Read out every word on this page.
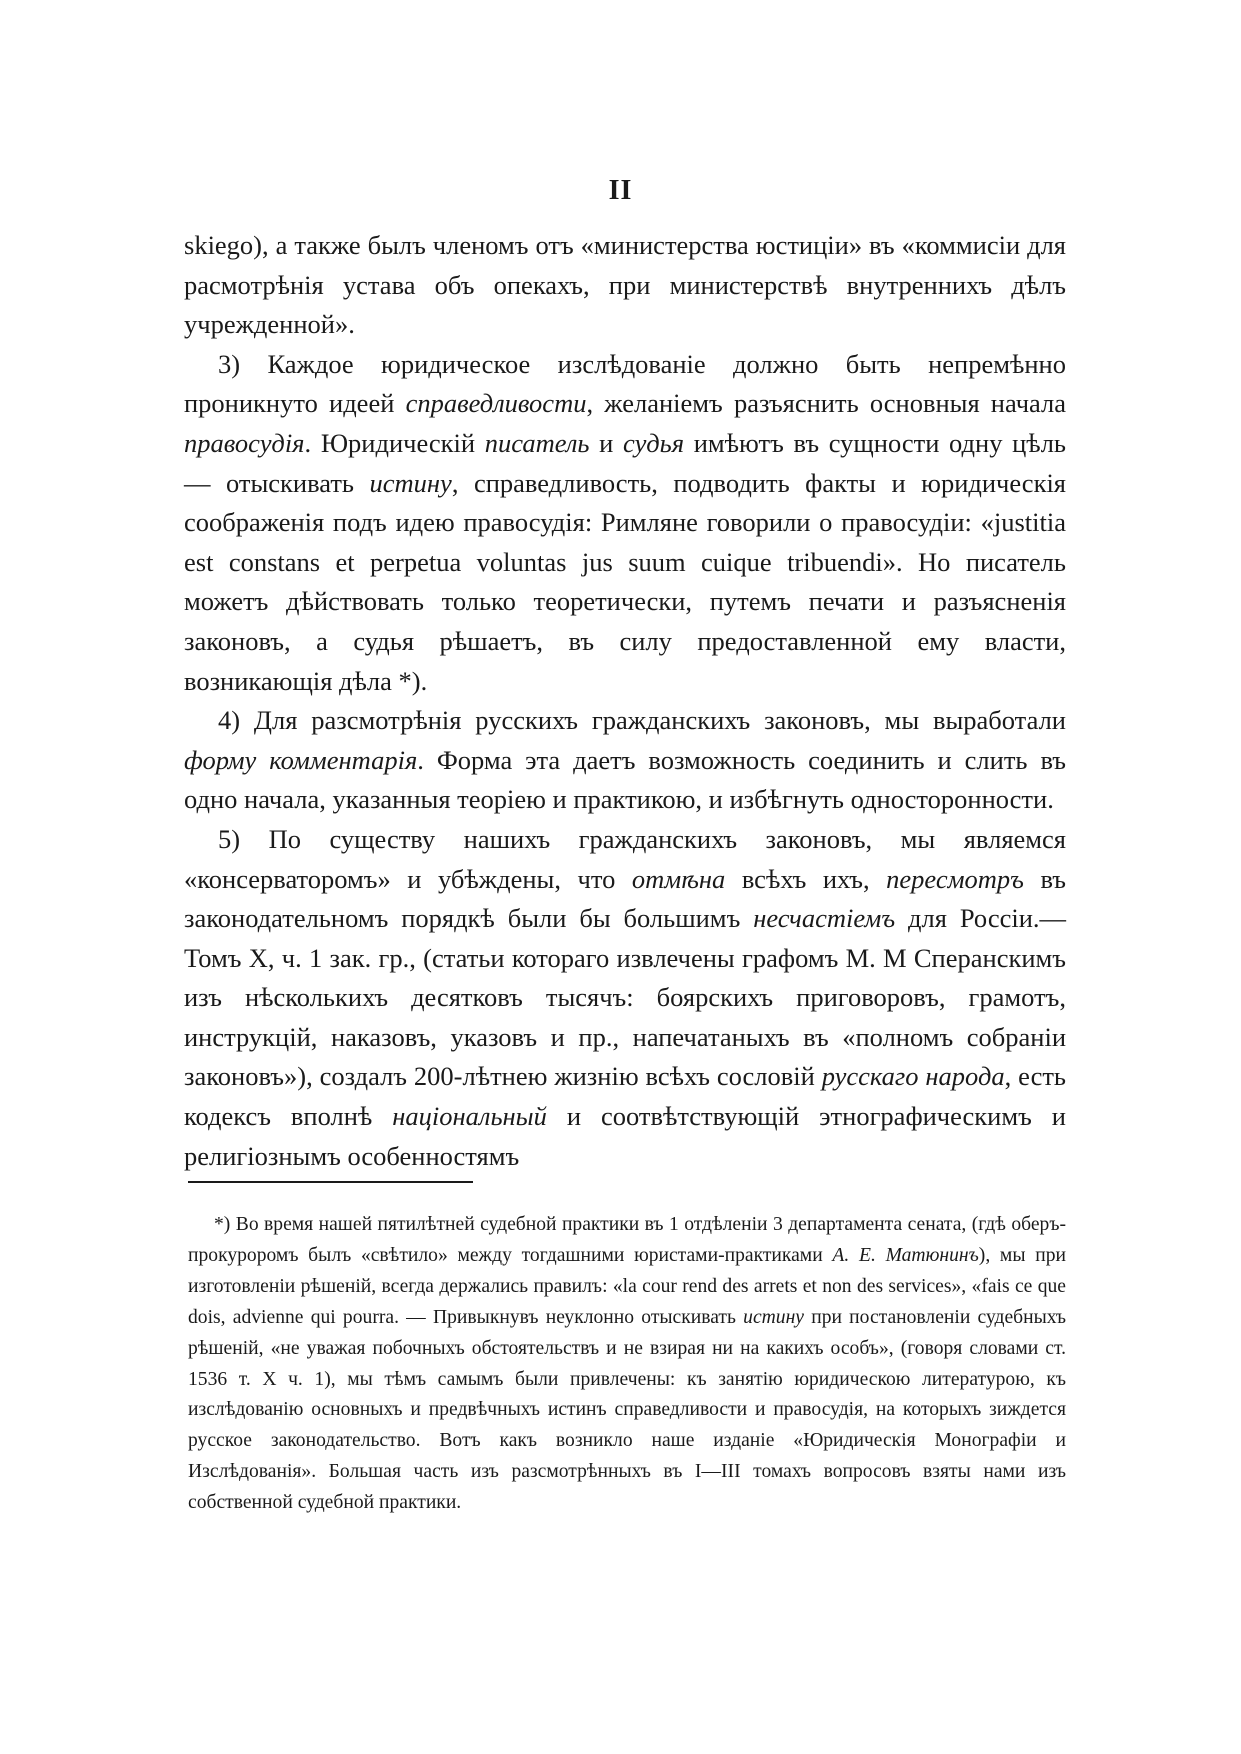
II

skiego), а также былъ членомъ отъ «министерства юстиціи» въ «коммисіи для расмотрѣнія устава объ опекахъ, при министерствѣ внутреннихъ дѣлъ учрежденной».

3) Каждое юридическое изслѣдованіе должно быть непремѣнно проникнуто идеей справедливости, желаніемъ разъяснить основныя начала правосудія. Юридическій писатель и судья имѣютъ въ сущности одну цѣль — отыскивать истину, справедливость, подводить факты и юридическія соображенія подъ идею правосудія: Римляне говорили о правосудіи: «justitia est constans et perpetua voluntas jus suum cuique tribuendi». Но писатель можетъ дѣйствовать только теоретически, путемъ печати и разъясненія законовъ, а судья рѣшаетъ, въ силу предоставленной ему власти, возникающія дѣла *).

4) Для разсмотрѣнія русскихъ гражданскихъ законовъ, мы выработали форму комментарія. Форма эта даетъ возможность соединить и слить въ одно начала, указанныя теоріею и практикою, и избѣгнуть односторонности.

5) По существу нашихъ гражданскихъ законовъ, мы являемся «консерваторомъ» и убѣждены, что отмѣна всѣхъ ихъ, пересмотръ въ законодательномъ порядкѣ были бы большимъ несчастіемъ для Россіи.— Томъ X, ч. 1 зак. гр., (статьи котораго извлечены графомъ М. М Сперанскимъ изъ нѣсколькихъ десятковъ тысячъ: боярскихъ приговоровъ, грамотъ, инструкцій, наказовъ, указовъ и пр., напечатаныхъ въ «полномъ собраніи законовъ»), создалъ 200-лѣтнею жизнію всѣхъ сословій русскаго народа, есть кодексъ вполнѣ національный и соотвѣтствующій этнографическимъ и религіознымъ особенностямъ

*) Во время нашей пятилѣтней судебной практики въ 1 отдѣленіи 3 департамента сената, (гдѣ оберъ-прокуроромъ былъ «свѣтило» между тогдашними юристами-практиками А. Е. Матюнинъ), мы при изготовленіи рѣшеній, всегда держались правилъ: «la cour rend des arrets et non des services», «fais ce que dois, advienne qui pourra. — Привыкнувъ неуклонно отыскивать истину при постановленіи судебныхъ рѣшеній, «не уважая побочныхъ обстоятельствъ и не взирая ни на какихъ особъ», (говоря словами ст. 1536 т. X ч. 1), мы тѣмъ самымъ были привлечены: къ занятію юридическою литературою, къ изслѣдованію основныхъ и предвѣчныхъ истинъ справедливости и правосудія, на которыхъ зиждется русское законодательство. Вотъ какъ возникло наше изданіе «Юридическія Монографіи и Изслѣдованія». Большая часть изъ разсмотрѣнныхъ въ I—III томахъ вопросовъ взяты нами изъ собственной судебной практики.
